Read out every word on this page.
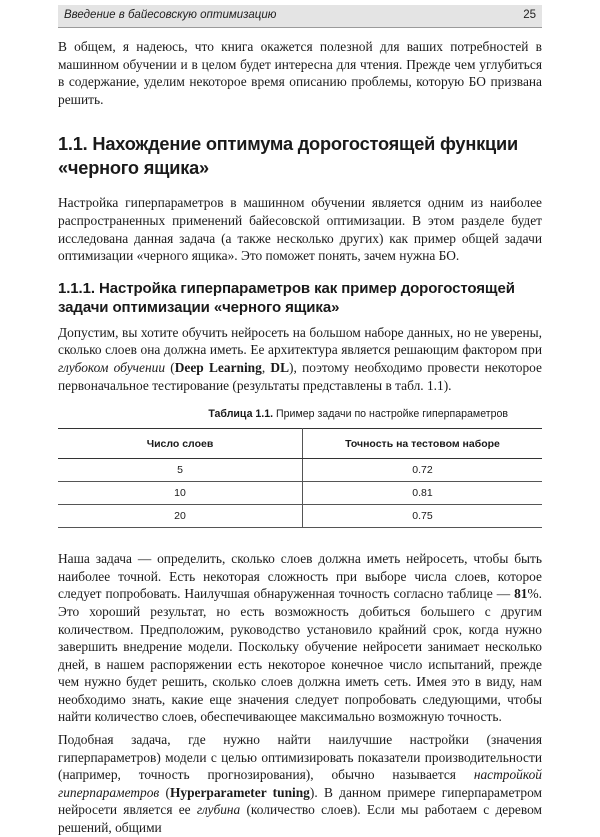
Введение в байесовскую оптимизацию	25

В общем, я надеюсь, что книга окажется полезной для ваших потребностей в машинном обучении и в целом будет интересна для чтения. Прежде чем углубиться в содержание, уделим некоторое время описанию проблемы, которую БО призвана решить.

1.1. Нахождение оптимума дорогостоящей функции «черного ящика»

Настройка гиперпараметров в машинном обучении является одним из наиболее распространенных применений байесовской оптимизации. В этом разделе будет исследована данная задача (а также несколько других) как пример общей задачи оптимизации «черного ящика». Это поможет понять, зачем нужна БО.

1.1.1. Настройка гиперпараметров как пример дорогостоящей задачи оптимизации «черного ящика»

Допустим, вы хотите обучить нейросеть на большом наборе данных, но не уверены, сколько слоев она должна иметь. Ее архитектура является решающим фактором при глубоком обучении (Deep Learning, DL), поэтому необходимо провести некоторое первоначальное тестирование (результаты представлены в табл. 1.1).

Таблица 1.1. Пример задачи по настройке гиперпараметров
Число слоев	Точность на тестовом наборе
5	0.72
10	0.81
20	0.75

Наша задача — определить, сколько слоев должна иметь нейросеть, чтобы быть наиболее точной. Есть некоторая сложность при выборе числа слоев, которое следует попробовать. Наилучшая обнаруженная точность согласно таблице — 81%. Это хороший результат, но есть возможность добиться большего с другим количеством. Предположим, руководство установило крайний срок, когда нужно завершить внедрение модели. Поскольку обучение нейросети занимает несколько дней, в нашем распоряжении есть некоторое конечное число испытаний, прежде чем нужно будет решить, сколько слоев должна иметь сеть. Имея это в виду, нам необходимо знать, какие еще значения следует попробовать следующими, чтобы найти количество слоев, обеспечивающее максимально возможную точность.

Подобная задача, где нужно найти наилучшие настройки (значения гиперпараметров) модели с целью оптимизировать показатели производительности (например, точность прогнозирования), обычно называется настройкой гиперпараметров (Hyperparameter tuning). В данном примере гиперпараметром нейросети является ее глубина (количество слоев). Если мы работаем с деревом решений, общими
